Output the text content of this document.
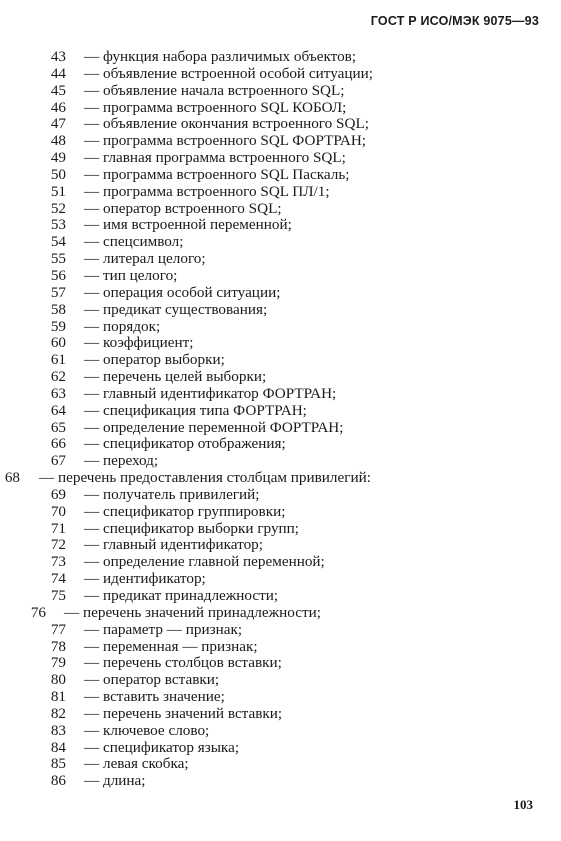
ГОСТ Р ИСО/МЭК 9075—93
43 — функция набора различимых объектов;
44 — объявление встроенной особой ситуации;
45 — объявление начала встроенного SQL;
46 — программа встроенного SQL КОБОЛ;
47 — объявление окончания встроенного SQL;
48 — программа встроенного SQL ФОРТРАН;
49 — главная программа встроенного SQL;
50 — программа встроенного SQL Паскаль;
51 — программа встроенного SQL ПЛ/1;
52 — оператор встроенного SQL;
53 — имя встроенной переменной;
54 — спецсимвол;
55 — литерал целого;
56 — тип целого;
57 — операция особой ситуации;
58 — предикат существования;
59 — порядок;
60 — коэффициент;
61 — оператор выборки;
62 — перечень целей выборки;
63 — главный идентификатор ФОРТРАН;
64 — спецификация типа ФОРТРАН;
65 — определение переменной ФОРТРАН;
66 — спецификатор отображения;
67 — переход;
68 — перечень предоставления столбцам привилегий:
69 — получатель привилегий;
70 — спецификатор группировки;
71 — спецификатор выборки групп;
72 — главный идентификатор;
73 — определение главной переменной;
74 — идентификатор;
75 — предикат принадлежности;
76 — перечень значений принадлежности;
77 — параметр — признак;
78 — переменная — признак;
79 — перечень столбцов вставки;
80 — оператор вставки;
81 — вставить значение;
82 — перечень значений вставки;
83 — ключевое слово;
84 — спецификатор языка;
85 — левая скобка;
86 — длина;
103
